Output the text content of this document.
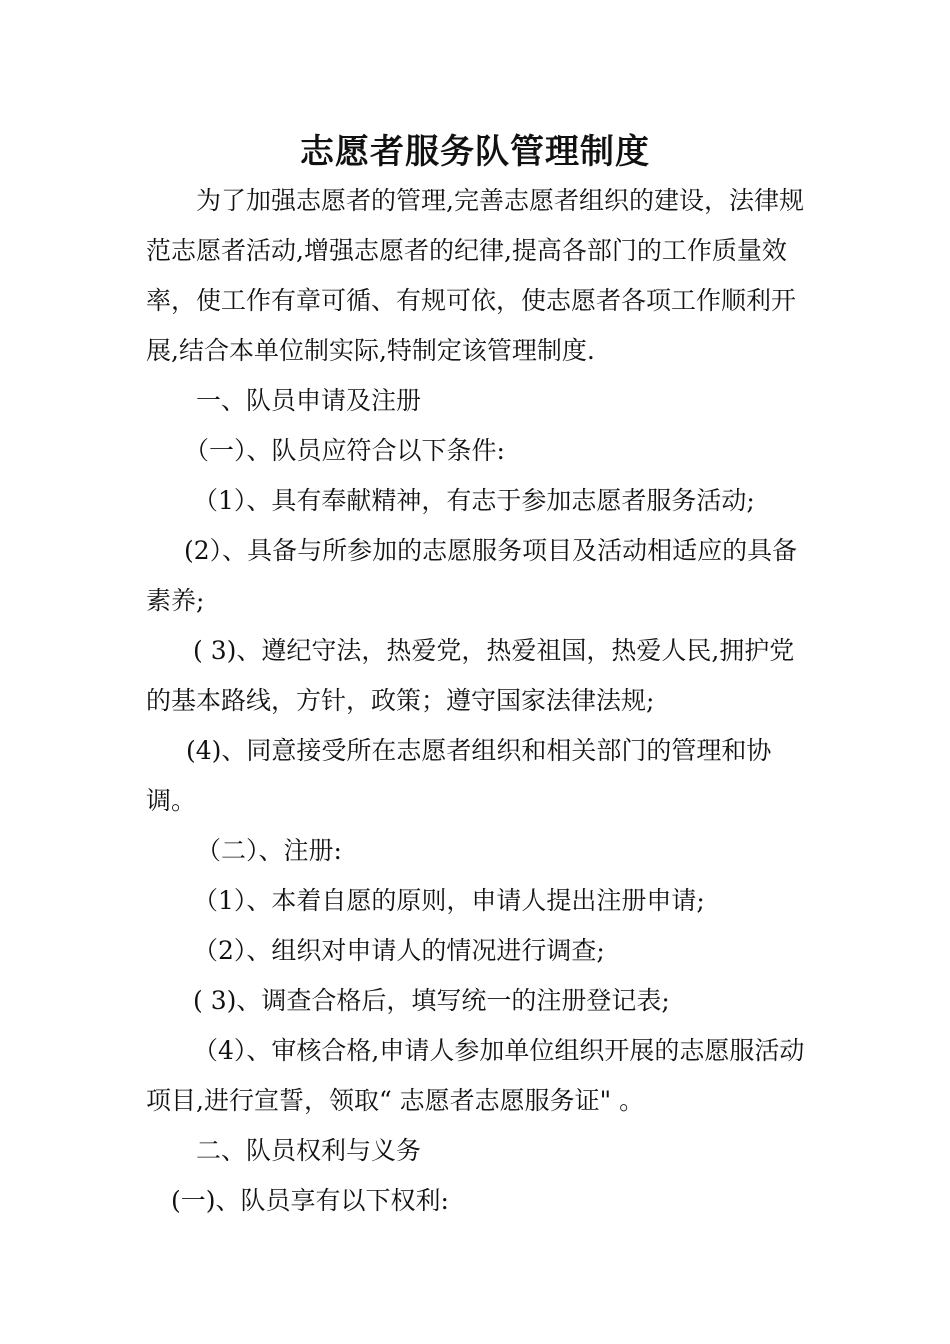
志愿者服务队管理制度

为了加强志愿者的管理,完善志愿者组织的建设，法律规范志愿者活动,增强志愿者的纪律,提高各部门的工作质量效率，使工作有章可循、有规可依，使志愿者各项工作顺利开展,结合本单位制实际,特制定该管理制度.

一、队员申请及注册

（一）、队员应符合以下条件:

（1）、具有奉献精神，有志于参加志愿者服务活动;

(2）、具备与所参加的志愿服务项目及活动相适应的具备素养;

( 3)、遵纪守法，热爱党，热爱祖国，热爱人民,拥护党的基本路线，方针，政策；遵守国家法律法规;

(4)、同意接受所在志愿者组织和相关部门的管理和协调。

（二）、注册:

（1）、本着自愿的原则，申请人提出注册申请;

（2）、组织对申请人的情况进行调查;

( 3)、调查合格后，填写统一的注册登记表;

（4）、审核合格,申请人参加单位组织开展的志愿服活动项目,进行宣誓，领取“ 志愿者志愿服务证" 。

二、队员权利与义务

(一)、队员享有以下权利:
